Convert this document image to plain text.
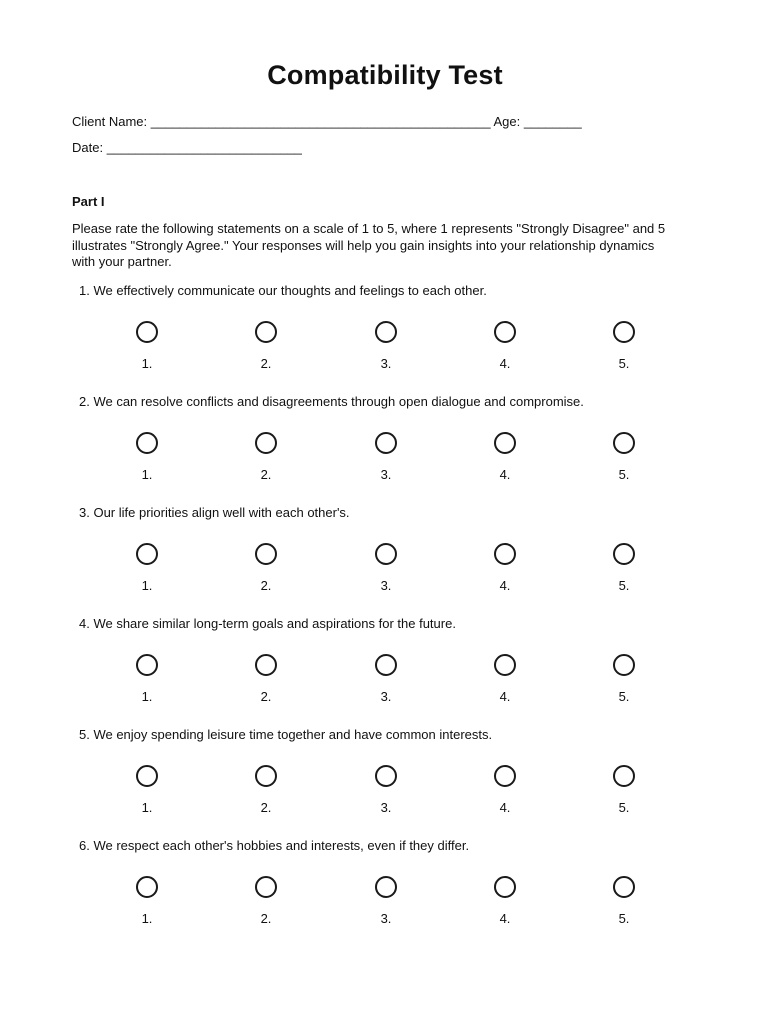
Compatibility Test
Client Name: _______________________________________________ Age: ________
Date: ___________________________
Part I
Please rate the following statements on a scale of 1 to 5, where 1 represents "Strongly Disagree" and 5 illustrates "Strongly Agree." Your responses will help you gain insights into your relationship dynamics with your partner.
1. We effectively communicate our thoughts and feelings to each other.
1.	2.	3.	4.	5.
2. We can resolve conflicts and disagreements through open dialogue and compromise.
1.	2.	3.	4.	5.
3. Our life priorities align well with each other's.
1.	2.	3.	4.	5.
4. We share similar long-term goals and aspirations for the future.
1.	2.	3.	4.	5.
5. We enjoy spending leisure time together and have common interests.
1.	2.	3.	4.	5.
6. We respect each other's hobbies and interests, even if they differ.
1.	2.	3.	4.	5.
